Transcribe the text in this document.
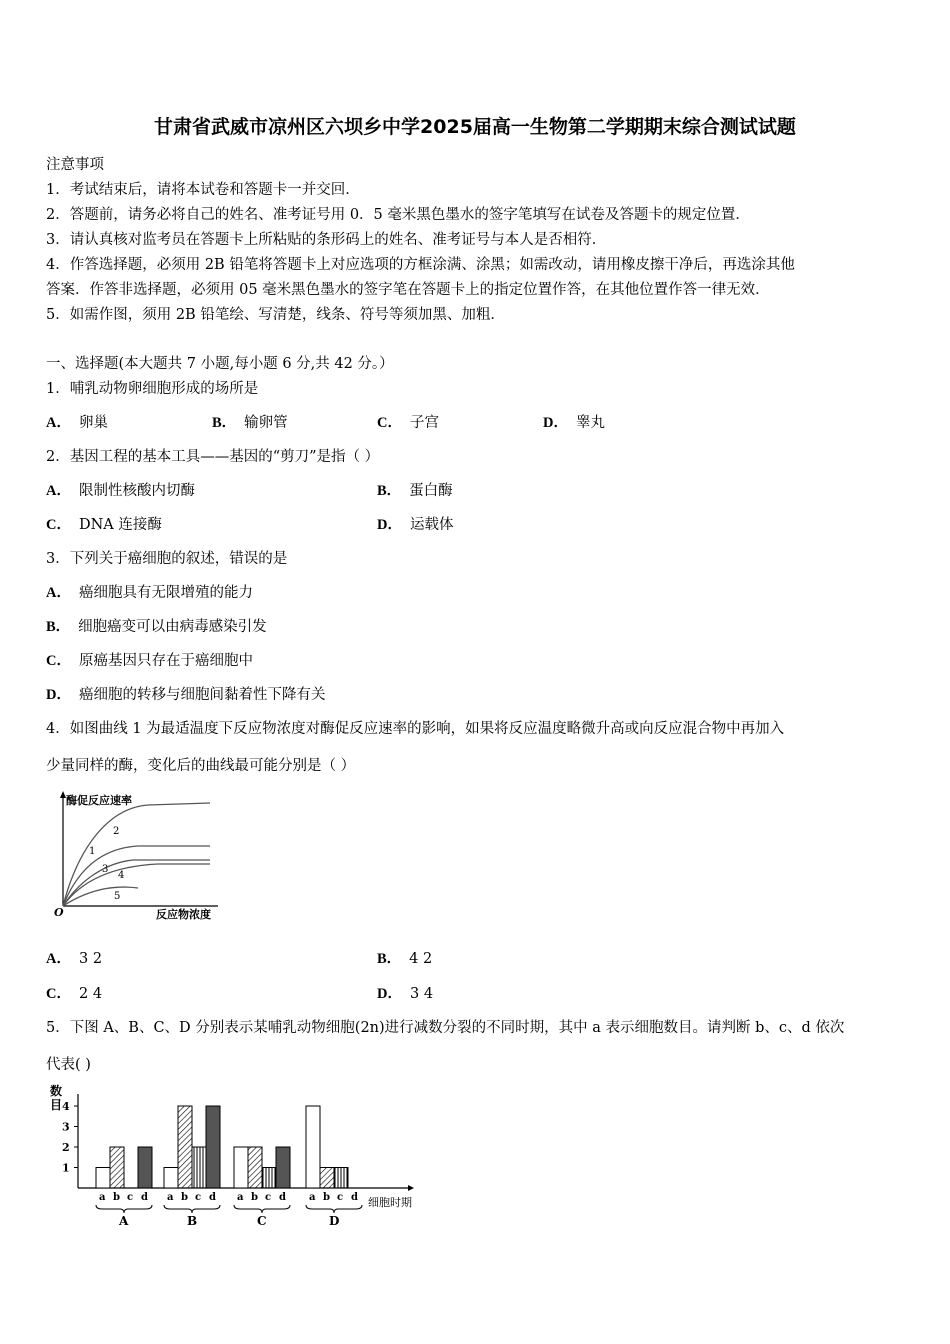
甘肃省武威市凉州区六坝乡中学2025届高一生物第二学期期末综合测试试题
注意事项
1．考试结束后，请将本试卷和答题卡一并交回．
2．答题前，请务必将自己的姓名、准考证号用 0．5 毫米黑色墨水的签字笔填写在试卷及答题卡的规定位置．
3．请认真核对监考员在答题卡上所粘贴的条形码上的姓名、准考证号与本人是否相符．
4．作答选择题，必须用 2B 铅笔将答题卡上对应选项的方框涂满、涂黑；如需改动，请用橡皮擦干净后，再选涂其他
答案．作答非选择题，必须用 05 毫米黑色墨水的签字笔在答题卡上的指定位置作答，在其他位置作答一律无效．
5．如需作图，须用 2B 铅笔绘、写清楚，线条、符号等须加黑、加粗．
一、选择题(本大题共 7 小题,每小题 6 分,共 42 分。）
1．哺乳动物卵细胞形成的场所是
A． 卵巢	B． 输卵管	C． 子宫	D． 睾丸
2．基因工程的基本工具——基因的“剪刀”是指（ ）
A． 限制性核酸内切酶	B． 蛋白酶
C． DNA 连接酶	D． 运载体
3．下列关于癌细胞的叙述，错误的是
A． 癌细胞具有无限增殖的能力
B． 细胞癌变可以由病毒感染引发
C． 原癌基因只存在于癌细胞中
D． 癌细胞的转移与细胞间黏着性下降有关
4．如图曲线 1 为最适温度下反应物浓度对酶促反应速率的影响，如果将反应温度略微升高或向反应混合物中再加入
少量同样的酶，变化后的曲线最可能分别是（ ）
酶促反应速率
反应物浓度
O
2
1
3
4
5
A． 3 2	B． 4 2
C． 2 4	D． 3 4
5．下图 A、B、C、D 分别表示某哺乳动物细胞(2n)进行减数分裂的不同时期，其中 a 表示细胞数目。请判断 b、c、d 依次
代表( )
数
目
1
2
3
4
a b c d
A
a b c d
B
a b c d
C
a b c d
D
细胞时期
